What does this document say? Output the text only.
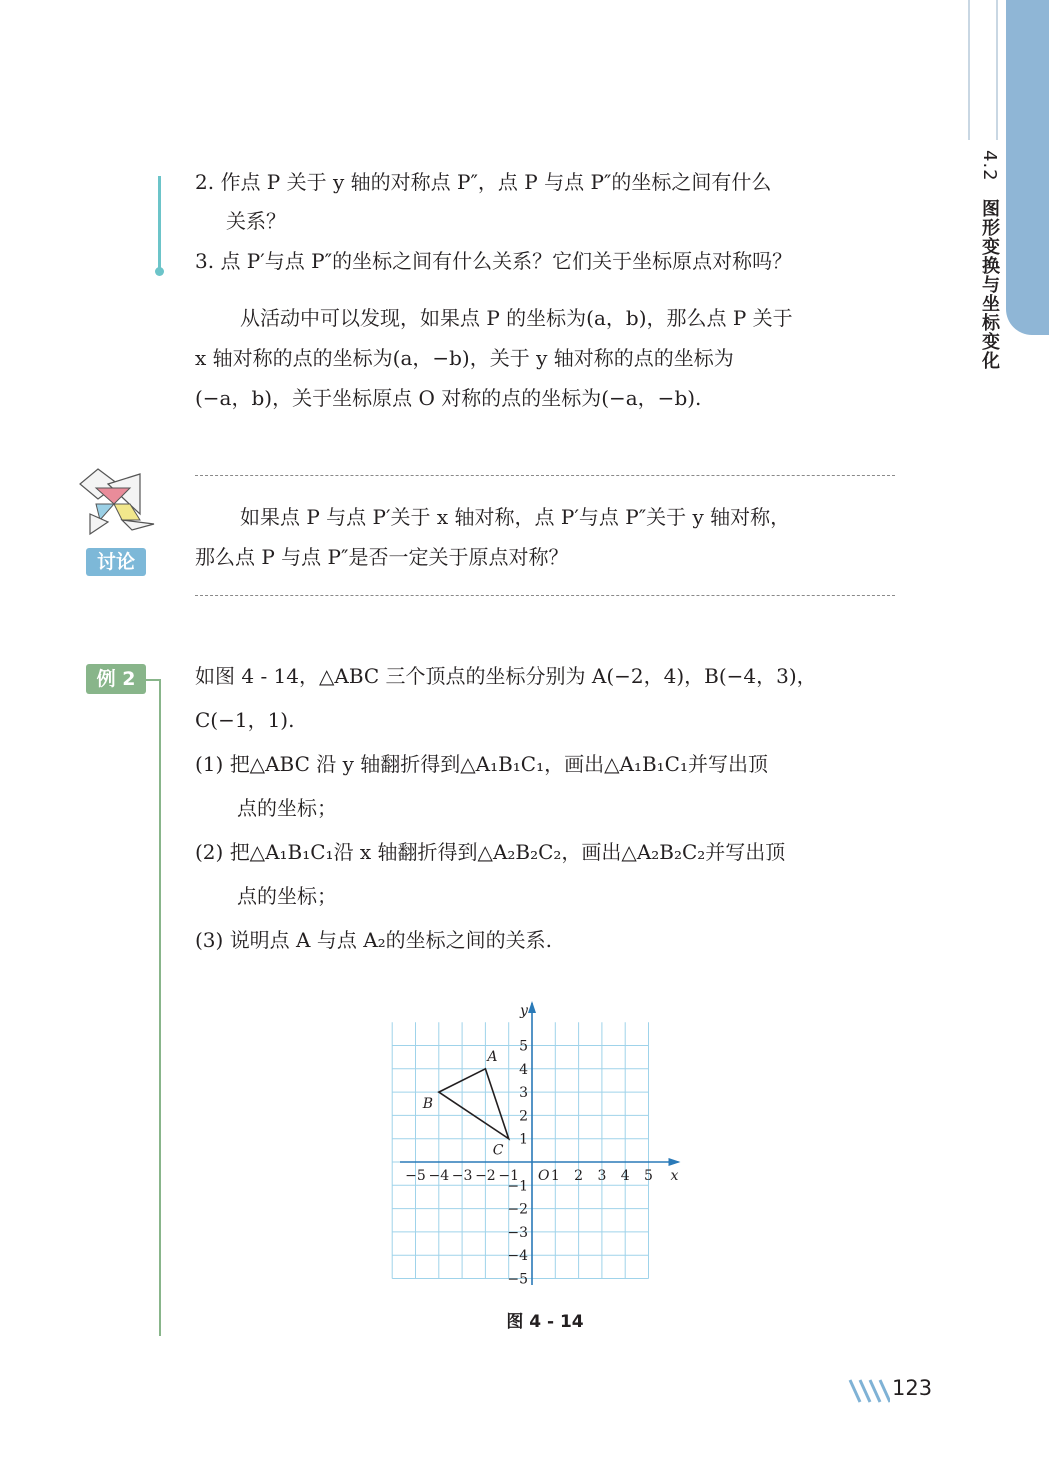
4.2 图形变换与坐标变化
2. 作点 P 关于 y 轴的对称点 P″，点 P 与点 P″的坐标之间有什么
关系？
3. 点 P′与点 P″的坐标之间有什么关系？它们关于坐标原点对称吗？
从活动中可以发现，如果点 P 的坐标为(a，b)，那么点 P 关于
x 轴对称的点的坐标为(a，−b)，关于 y 轴对称的点的坐标为
(−a，b)，关于坐标原点 O 对称的点的坐标为(−a，−b).
讨论
如果点 P 与点 P′关于 x 轴对称，点 P′与点 P″关于 y 轴对称，
那么点 P 与点 P″是否一定关于原点对称？
例 2	如图 4 - 14，△ABC 三个顶点的坐标分别为 A(−2，4)，B(−4，3)，
C(−1，1).
(1) 把△ABC 沿 y 轴翻折得到△A₁B₁C₁，画出△A₁B₁C₁并写出顶
点的坐标；
(2) 把△A₁B₁C₁沿 x 轴翻折得到△A₂B₂C₂，画出△A₂B₂C₂并写出顶
点的坐标；
(3) 说明点 A 与点 A₂的坐标之间的关系.
−5 −4 −3 −2 −1 1 2 3 4 5
5
4
3
2
1
−1
−2
−3
−4
−5
O	x
y
A
B
C
图 4 - 14
123
